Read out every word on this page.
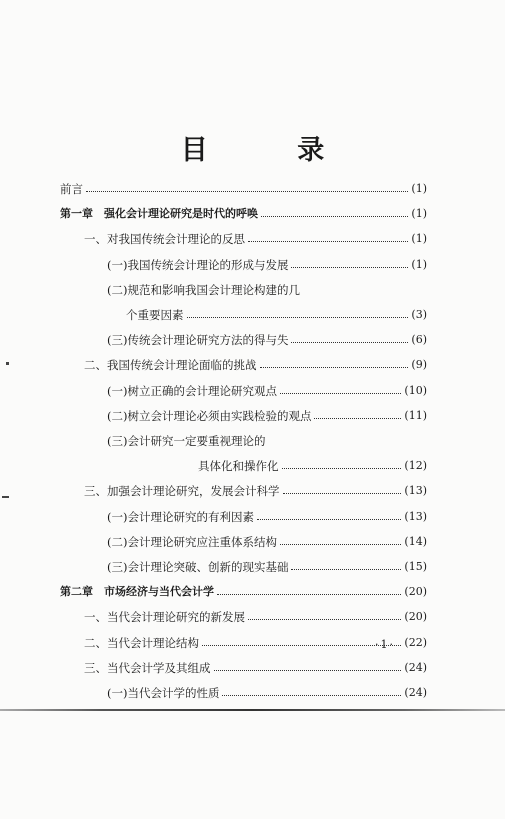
目 录
前言	(1)
第一章　强化会计理论研究是时代的呼唤	(1)
一、对我国传统会计理论的反思	(1)
(一)我国传统会计理论的形成与发展	(1)
(二)规范和影响我国会计理论构建的几
个重要因素	(3)
(三)传统会计理论研究方法的得与失	(6)
二、我国传统会计理论面临的挑战	(9)
(一)树立正确的会计理论研究观点	(10)
(二)树立会计理论必须由实践检验的观点	(11)
(三)会计研究一定要重视理论的
具体化和操作化	(12)
三、加强会计理论研究，发展会计科学	(13)
(一)会计理论研究的有利因素	(13)
(二)会计理论研究应注重体系结构	(14)
(三)会计理论突破、创新的现实基础	(15)
第二章　市场经济与当代会计学	(20)
一、当代会计理论研究的新发展	(20)
二、当代会计理论结构	(22)
三、当代会计学及其组成	(24)
(一)当代会计学的性质	(24)
·1·
